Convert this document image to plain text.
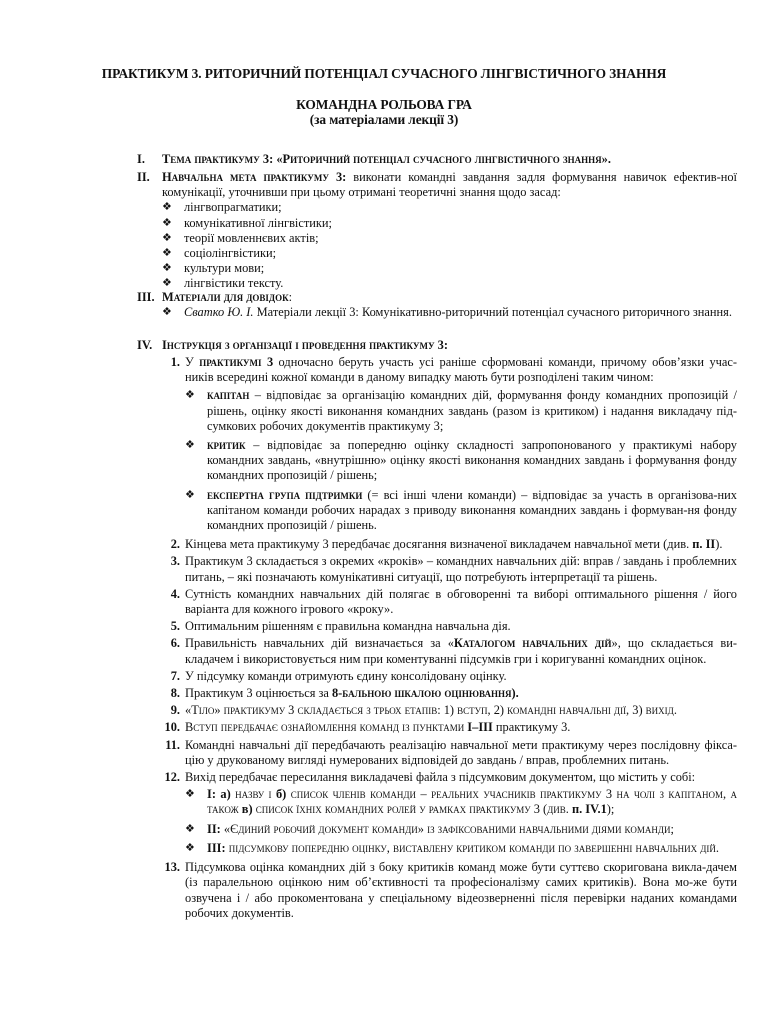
ПРАКТИКУМ 3. РИТОРИЧНИЙ ПОТЕНЦІАЛ СУЧАСНОГО ЛІНГВІСТИЧНОГО ЗНАННЯ
КОМАНДНА РОЛЬОВА ГРА
(за матеріалами лекції 3)
I. Тема практикуму 3: «Риторичний потенціал сучасного лінгвістичного знання».
II. Навчальна мета практикуму 3: виконати командні завдання задля формування навичок ефектив-ної комунікації, уточнивши при цьому отримані теоретичні знання щодо засад:
❖ лінгвопрагматики;
❖ комунікативної лінгвістики;
❖ теорії мовленнєвих актів;
❖ соціолінгвістики;
❖ культури мови;
❖ лінгвістики тексту.
III. Матеріали для довідок:
❖ Сватко Ю. І. Матеріали лекції 3: Комунікативно-риторичний потенціал сучасного риторичного знання.
IV. Інструкція з організації і проведення практикуму 3:
1. У практикумі 3 одночасно беруть участь усі раніше сформовані команди, причому обов’язки учас-ників всередині кожної команди в даному випадку мають бути розподілені таким чином:
❖ капітан – відповідає за організацію командних дій, формування фонду командних пропозицій / рішень, оцінку якості виконання командних завдань (разом із критиком) і надання викладачу під-сумкових робочих документів практикуму 3;
❖ критик – відповідає за попередню оцінку складності запропонованого у практикумі набору командних завдань, «внутрішню» оцінку якості виконання командних завдань і формування фонду командних пропозицій / рішень;
❖ експертна група підтримки (= всі інші члени команди) – відповідає за участь в організова-них капітаном команди робочих нарадах з приводу виконання командних завдань і формуван-ня фонду командних пропозицій / рішень.
2. Кінцева мета практикуму 3 передбачає досягання визначеної викладачем навчальної мети (див. п. II).
3. Практикум 3 складається з окремих «кроків» – командних навчальних дій: вправ / завдань і проблемних питань, – які позначають комунікативні ситуації, що потребують інтерпретації та рішень.
4. Сутність командних навчальних дій полягає в обговоренні та виборі оптимального рішення / його варіанта для кожного ігрового «кроку».
5. Оптимальним рішенням є правильна командна навчальна дія.
6. Правильність навчальних дій визначається за «Каталогом навчальних дій», що складається ви-кладачем і використовується ним при коментуванні підсумків гри і коригуванні командних оцінок.
7. У підсумку команди отримують єдину консолідовану оцінку.
8. Практикум 3 оцінюється за 8-бальною шкалою оцінювання).
9. «Тіло» практикуму 3 складається з трьох етапів: 1) вступ, 2) командні навчальні дії, 3) вихід.
10. Вступ передбачає ознайомлення команд із пунктами I–III практикуму 3.
11. Командні навчальні дії передбачають реалізацію навчальної мети практикуму через послідовну фікса-цію у друкованому вигляді нумерованих відповідей до завдань / вправ, проблемних питань.
12. Вихід передбачає пересилання викладачеві файла з підсумковим документом, що містить у собі:
❖ I: а) назву і б) список членів команди – реальних учасників практикуму 3 на чолі з капітаном, а також в) список їхніх командних ролей у рамках практикуму 3 (див. п. IV.1);
❖ II: «Єдиний робочий документ команди» із зафіксованими навчальними діями команди;
❖ III: підсумкову попередню оцінку, виставлену критиком команди по завершенні навчальних дій.
13. Підсумкова оцінка командних дій з боку критиків команд може бути суттєво скоригована викла-дачем (із паралельною оцінкою ним об’єктивності та професіоналізму самих критиків). Вона мо-же бути озвучена і / або прокоментована у спеціальному відеозверненні після перевірки наданих командами робочих документів.
